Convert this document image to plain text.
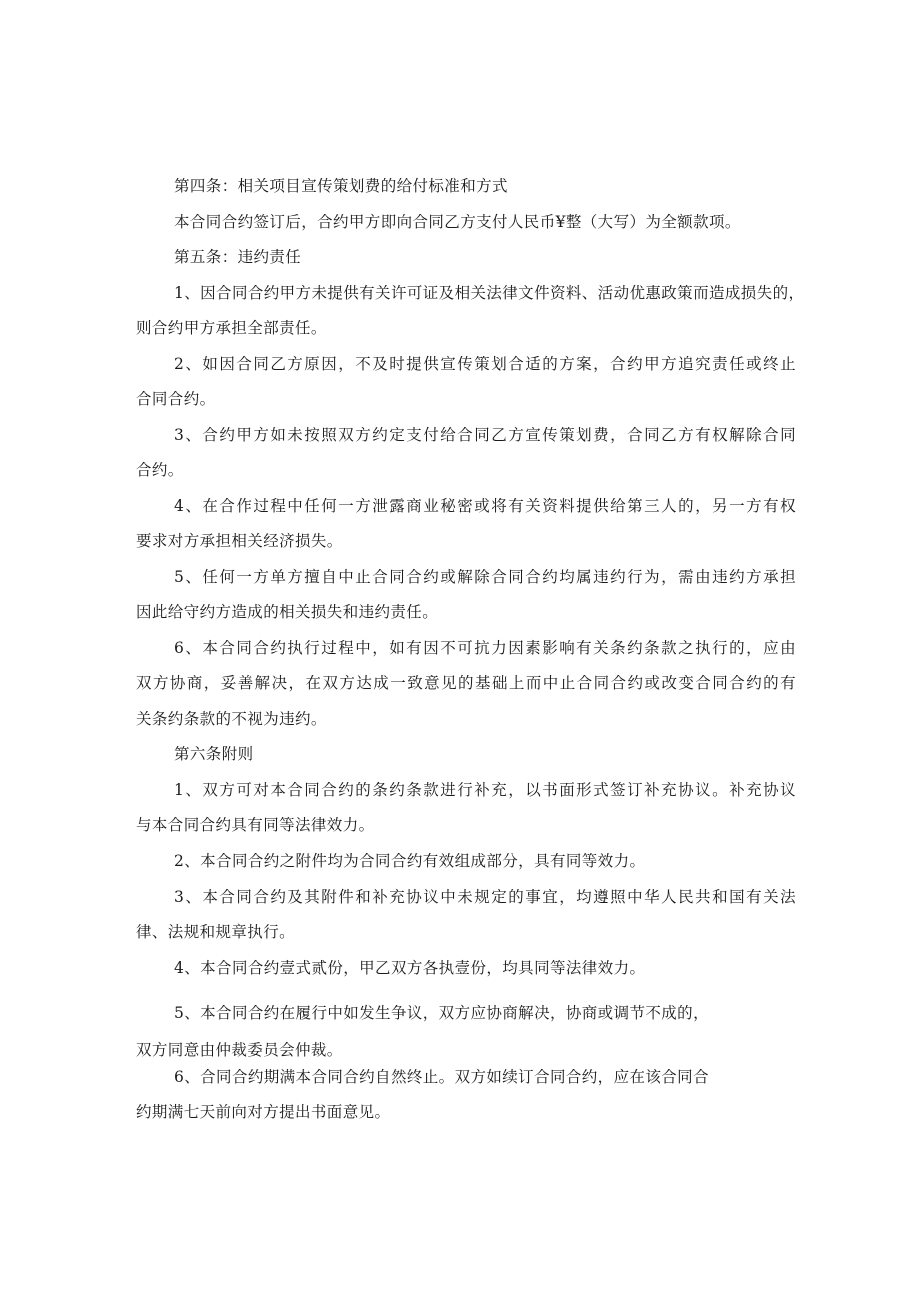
第四条：相关项目宣传策划费的给付标准和方式

本合同合约签订后，合约甲方即向合同乙方支付人民币¥整（大写）为全额款项。

第五条：违约责任

1、因合同合约甲方未提供有关许可证及相关法律文件资料、活动优惠政策而造成损失的，

则合约甲方承担全部责任。

2、如因合同乙方原因，不及时提供宣传策划合适的方案，合约甲方追究责任或终止

合同合约。

3、合约甲方如未按照双方约定支付给合同乙方宣传策划费，合同乙方有权解除合同

合约。

4、在合作过程中任何一方泄露商业秘密或将有关资料提供给第三人的，另一方有权

要求对方承担相关经济损失。

5、任何一方单方擅自中止合同合约或解除合同合约均属违约行为，需由违约方承担

因此给守约方造成的相关损失和违约责任。

6、本合同合约执行过程中，如有因不可抗力因素影响有关条约条款之执行的，应由

双方协商，妥善解决，在双方达成一致意见的基础上而中止合同合约或改变合同合约的有

关条约条款的不视为违约。

第六条附则

1、双方可对本合同合约的条约条款进行补充，以书面形式签订补充协议。补充协议

与本合同合约具有同等法律效力。

2、本合同合约之附件均为合同合约有效组成部分，具有同等效力。

3、本合同合约及其附件和补充协议中未规定的事宜，均遵照中华人民共和国有关法

律、法规和规章执行。

4、本合同合约壹式贰份，甲乙双方各执壹份，均具同等法律效力。

5、本合同合约在履行中如发生争议，双方应协商解决，协商或调节不成的，

双方同意由仲裁委员会仲裁。

6、合同合约期满本合同合约自然终止。双方如续订合同合约，应在该合同合

约期满七天前向对方提出书面意见。
